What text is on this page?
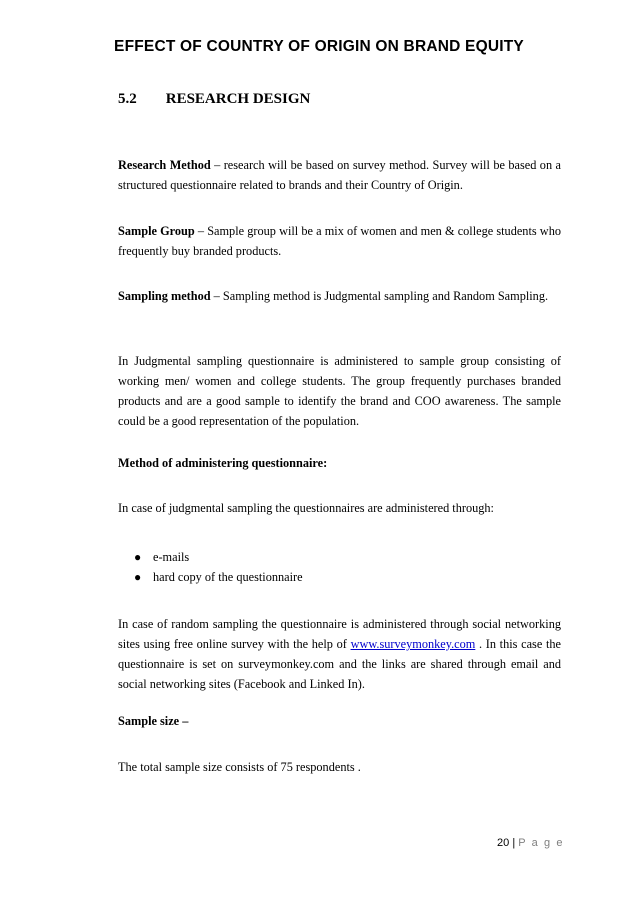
EFFECT OF COUNTRY OF ORIGIN ON BRAND EQUITY
5.2 RESEARCH DESIGN
Research Method – research will be based on survey method. Survey will be based on a structured questionnaire related to brands and their Country of Origin.
Sample Group – Sample group will be a mix of women and men & college students who frequently buy branded products.
Sampling method – Sampling method is Judgmental sampling and Random Sampling.
In Judgmental sampling questionnaire is administered to sample group consisting of working men/ women and college students. The group frequently purchases branded products and are a good sample to identify the brand and COO awareness. The sample could be a good representation of the population.
Method of administering questionnaire:
In case of judgmental sampling the questionnaires are administered through:
● e-mails
● hard copy of the questionnaire
In case of random sampling the questionnaire is administered through social networking sites using free online survey with the help of www.surveymonkey.com . In this case the questionnaire is set on surveymonkey.com and the links are shared through email and social networking sites (Facebook and Linked In).
Sample size –
The total sample size consists of 75 respondents .
20 | P a g e
